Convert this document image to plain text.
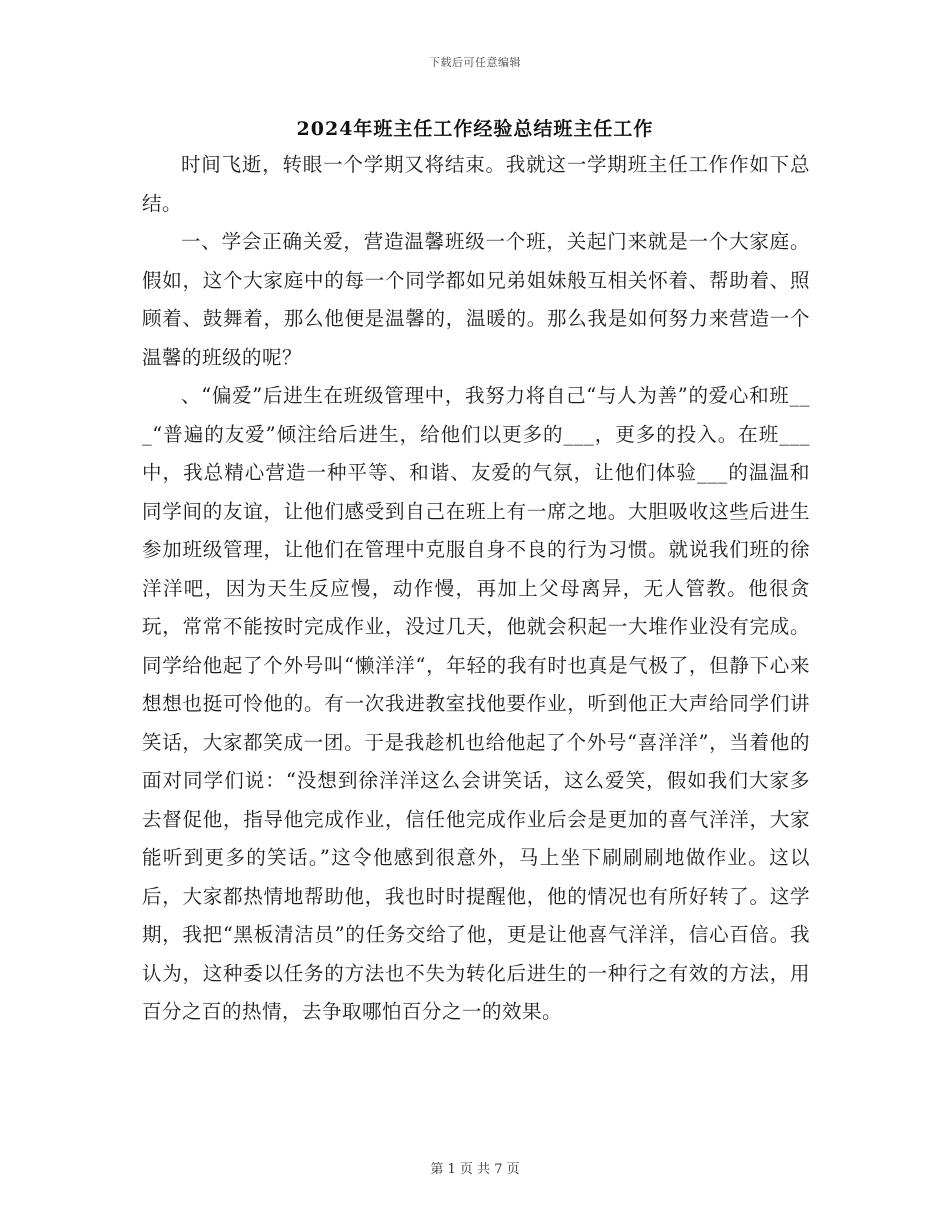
下载后可任意编辑
2024年班主任工作经验总结班主任工作

时间飞逝，转眼一个学期又将结束。我就这一学期班主任工作作如下总结。

一、学会正确关爱，营造温馨班级一个班，关起门来就是一个大家庭。假如，这个大家庭中的每一个同学都如兄弟姐妹般互相关怀着、帮助着、照顾着、鼓舞着，那么他便是温馨的，温暖的。那么我是如何努力来营造一个温馨的班级的呢？

、“偏爱”后进生在班级管理中，我努力将自己“与人为善”的爱心和班___“普遍的友爱”倾注给后进生，给他们以更多的___，更多的投入。在班___中，我总精心营造一种平等、和谐、友爱的气氛，让他们体验___的温温和同学间的友谊，让他们感受到自己在班上有一席之地。大胆吸收这些后进生参加班级管理，让他们在管理中克服自身不良的行为习惯。就说我们班的徐洋洋吧，因为天生反应慢，动作慢，再加上父母离异，无人管教。他很贪玩，常常不能按时完成作业，没过几天，他就会积起一大堆作业没有完成。同学给他起了个外号叫“懒洋洋“，年轻的我有时也真是气极了，但静下心来想想也挺可怜他的。有一次我进教室找他要作业，听到他正大声给同学们讲笑话，大家都笑成一团。于是我趁机也给他起了个外号“喜洋洋”，当着他的面对同学们说：“没想到徐洋洋这么会讲笑话，这么爱笑，假如我们大家多去督促他，指导他完成作业，信任他完成作业后会是更加的喜气洋洋，大家能听到更多的笑话。”这令他感到很意外，马上坐下刷刷刷地做作业。这以后，大家都热情地帮助他，我也时时提醒他，他的情况也有所好转了。这学期，我把“黑板清洁员”的任务交给了他，更是让他喜气洋洋，信心百倍。我认为，这种委以任务的方法也不失为转化后进生的一种行之有效的方法，用百分之百的热情，去争取哪怕百分之一的效果。

第 1 页 共 7 页
